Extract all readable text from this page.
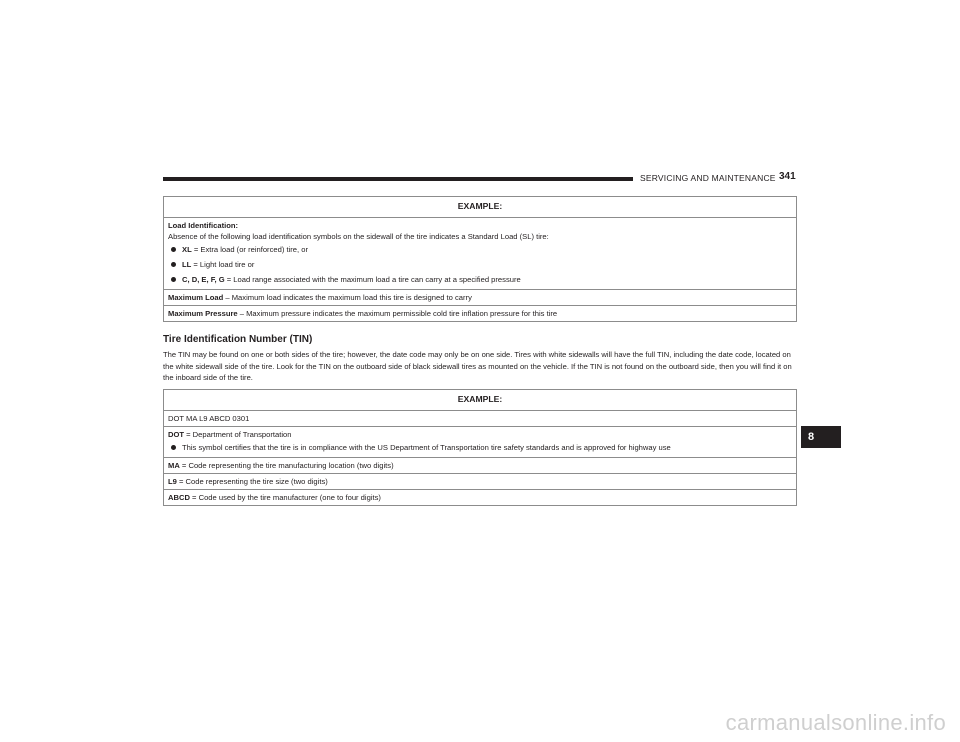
SERVICING AND MAINTENANCE 341
EXAMPLE:

Load Identification:
Absence of the following load identification symbols on the sidewall of the tire indicates a Standard Load (SL) tire:
XL = Extra load (or reinforced) tire, or
LL = Light load tire or
C, D, E, F, G = Load range associated with the maximum load a tire can carry at a specified pressure

Maximum Load – Maximum load indicates the maximum load this tire is designed to carry
Maximum Pressure – Maximum pressure indicates the maximum permissible cold tire inflation pressure for this tire
Tire Identification Number (TIN)

The TIN may be found on one or both sides of the tire; however, the date code may only be on one side. Tires with white sidewalls will have the full TIN, including the date code, located on the white sidewall side of the tire. Look for the TIN on the outboard side of black sidewall tires as mounted on the vehicle. If the TIN is not found on the outboard side, then you will find it on the inboard side of the tire.

EXAMPLE:
DOT MA L9 ABCD 0301

DOT = Department of Transportation
This symbol certifies that the tire is in compliance with the US Department of Transportation tire safety standards and is approved for highway use

MA = Code representing the tire manufacturing location (two digits)
L9 = Code representing the tire size (two digits)
ABCD = Code used by the tire manufacturer (one to four digits)
8
carmanualsonline.info
